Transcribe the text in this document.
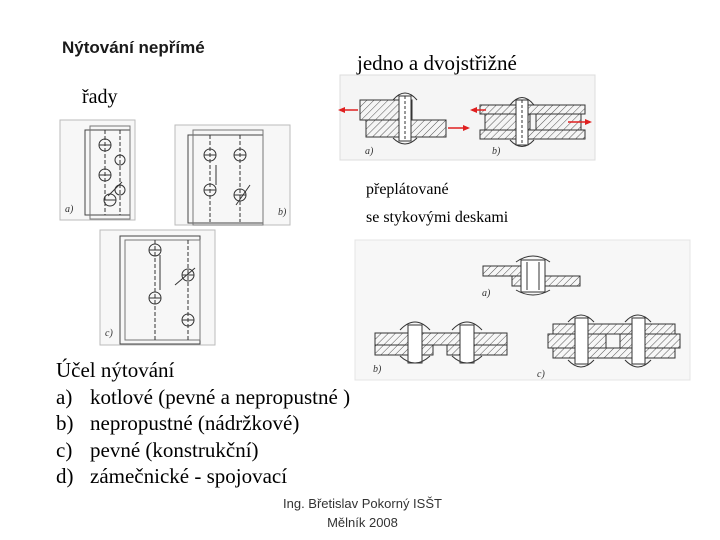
a)	b)
c)
a)	b)
a)
b)	c)
Nýtování nepřímé
jedno a dvojstřižné
řady
přeplátované
se stykovými deskami
Účel nýtování
a) kotlové (pevné a nepropustné )
b) nepropustné (nádržkové)
c) pevné (konstrukční)
d) zámečnické - spojovací
Ing. Břetislav Pokorný ISŠT
Mělník 2008
